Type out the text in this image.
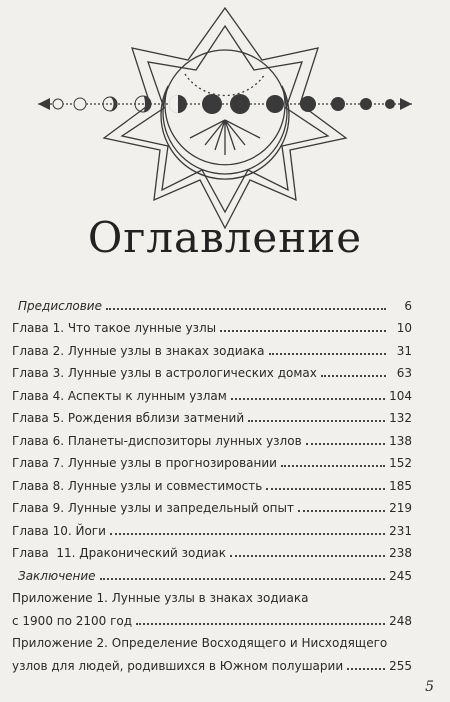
Оглавление
Предисловие	6
Глава 1. Что такое лунные узлы	10
Глава 2. Лунные узлы в знаках зодиака	31
Глава 3. Лунные узлы в астрологических домах	63
Глава 4. Аспекты к лунным узлам	104
Глава 5. Рождения вблизи затмений	132
Глава 6. Планеты-диспозиторы лунных узлов	138
Глава 7. Лунные узлы в прогнозировании	152
Глава 8. Лунные узлы и совместимость	185
Глава 9. Лунные узлы и запредельный опыт	219
Глава 10. Йоги	231
Глава  11. Драконический зодиак	238
Заключение	245
Приложение 1. Лунные узлы в знаках зодиака
с 1900 по 2100 год	248
Приложение 2. Определение Восходящего и Нисходящего
узлов для людей, родившихся в Южном полушарии	255
5
